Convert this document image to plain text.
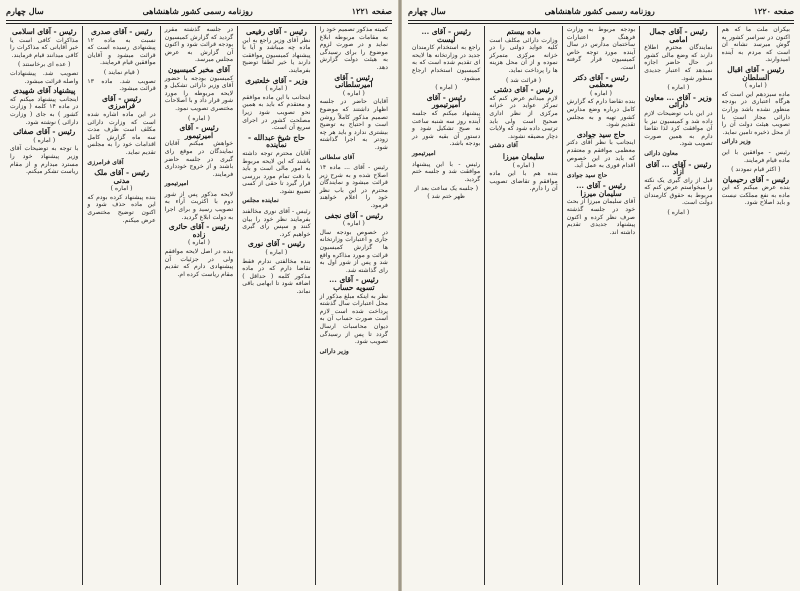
صفحه ۱۲۲۱
روزنامه رسمی کشور شاهنشاهی
سال چهارم
کمیته مذکور تصمیم خود را به مقامات مربوطه ابلاغ نماید و در صورت لزوم موضوع را برای رسیدگی به هیئت دولت گزارش دهد.
رئیس - آقای امیرسلطانی
( اماره )
آقایان حاضر در جلسه اظهار داشتند که موضوع تصمیم مذکور کاملاً روشن است و احتیاج به توضیح بیشتری ندارد و باید هر چه زودتر به اجرا گذاشته شود.
آقای سلطانی
رئیس - آقای ... ماده ۱۴ اصلاح شده و به شرح زیر قرائت میشود و نمایندگان محترم در این باب نظر خود را اعلام خواهند فرمود.
رئیس - آقای نجفی
( اماره )
در خصوص بودجه سال جاری و اعتبارات وزارتخانه ها گزارش کمیسیون قرائت و مورد مذاکره واقع شد و پس از شور اول به رای گذاشته شد.
رئیس - آقای ... تسویه حساب
نظر به اینکه مبلغ مذکور از محل اعتبارات سال گذشته پرداخت شده است لازم است صورت حساب آن به دیوان محاسبات ارسال گردد تا پس از رسیدگی تصویب شود.
وزیر دارائی
رئیس - آقای رفیعی
نظر آقای وزیر راجع به این ماده چه میباشد و آیا با پیشنهاد کمیسیون موافقت دارند یا خیر لطفاً توضیح بفرمایند.
وزیر - آقای خلعتبری
( اماره )
اینجانب با این ماده موافقم و معتقدم که باید به همین نحو تصویب شود زیرا مصلحت کشور در اجرای سریع آن است.
حاج شیخ عبدالله - نماینده
آقایان محترم توجه داشته باشند که این لایحه مربوط به امور مالی است و باید با دقت تمام مورد بررسی قرار گیرد تا حقی از کسی تضییع نشود.
نماینده مجلس
رئیس - آقای نوری مخالفند بفرمایند نظر خود را بیان کنند و سپس رای گیری خواهیم کرد.
رئیس - آقای نوری
( اماره )
بنده مخالفتی ندارم فقط تقاضا دارم که در ماده مذکور کلمه ( حداقل ) اضافه شود تا ابهامی باقی نماند.
در جلسه گذشته مقرر گردید که گزارش کمیسیون بودجه قرائت شود و اکنون آن گزارش به عرض مجلس میرسد.
آقای مخبر کمیسیون
کمیسیون بودجه با حضور آقای وزیر دارائی تشکیل و لایحه مربوطه را مورد شور قرار داد و با اصلاحات مختصری تصویب نمود.
( اماره )
رئیس - آقای امیرتیمور
خواهش میکنم آقایان نمایندگان در موقع رای گیری در جلسه حاضر باشند و از خروج خودداری فرمایند.
امیرتیمور
لایحه مذکور پس از شور دوم با اکثریت آراء به تصویب رسید و برای اجرا به دولت ابلاغ گردید.
رئیس - آقای حائری زاده
( اماره )
بنده در اصل لایحه موافقم ولی در جزئیات آن پیشنهادی دارم که تقدیم مقام ریاست کرده ام.
رئیس - آقای صدری
نسبت به ماده ۱۲ پیشنهادی رسیده است که قرائت میشود و آقایان موافقین قیام فرمایند.
( قیام نمایند )
تصویب شد. ماده ۱۳ قرائت میشود.
رئیس - آقای فرامرزی
در این ماده اشاره شده است که وزارت دارائی مکلف است ظرف مدت سه ماه گزارش کامل اقدامات خود را به مجلس تقدیم نماید.
آقای فرامرزی
رئیس - آقای ملک مدنی
( اماره )
بنده پیشنهاد کرده بودم که این ماده حذف شود و اکنون توضیح مختصری عرض میکنم.
رئیس - آقای اسلامی
مذاکرات کافی است یا خیر آقایانی که مذاکرات را کافی میدانند قیام فرمایند.
( عده ای برخاستند )
تصویب شد. پیشنهادات واصله قرائت میشود.
پیشنهاد آقای شهیدی
اینجانب پیشنهاد میکنم که در ماده ۱۴ کلمه ( وزارت کشور ) به جای ( وزارت دارائی ) نوشته شود.
رئیس - آقای صفائی
( اماره )
با توجه به توضیحات آقای وزیر پیشنهاد خود را مسترد میدارم و از مقام ریاست تشکر میکنم.
صفحه ۱۲۲۰
روزنامه رسمی کشور شاهنشاهی
سال چهارم
بیکران ملت ما که هم اکنون در سراسر کشور به گوش میرسد نشانه آن است که مردم به آینده امیدوارند.
رئیس - آقای اقبال السلطان
( اماره )
ماده سیزدهم این است که هرگاه اعتباری در بودجه منظور نشده باشد وزارت دارائی مجاز است با تصویب هیئت دولت آن را از محل ذخیره تامین نماید.
وزیر دارائی
رئیس - موافقین با این ماده قیام فرمایند.
( اکثر قیام نمودند )
رئیس - آقای رحیمیان
بنده عرض میکنم که این ماده به نفع مملکت نیست و باید اصلاح شود.
رئیس - آقای جمال امامی
نمایندگان محترم اطلاع دارند که وضع مالی کشور در حال حاضر اجازه نمیدهد که اعتبار جدیدی منظور شود.
( اماره )
وزیر - آقای ... معاون دارائی
در این باب توضیحات لازم داده شد و کمیسیون نیز با آن موافقت کرد لذا تقاضا دارم به همین صورت تصویب شود.
معاون دارائی
رئیس - آقای ... آقای آزاد
قبل از رای گیری یک نکته را میخواستم عرض کنم که مربوط به حقوق کارمندان دولت است.
( اماره )
بودجه مربوط به وزارت فرهنگ و اعتبارات ساختمان مدارس در سال آینده مورد توجه خاص کمیسیون قرار گرفته است.
رئیس - آقای دکتر معظمی
( اماره )
بنده تقاضا دارم که گزارش کامل درباره وضع مدارس کشور تهیه و به مجلس تقدیم شود.
حاج سید جوادی
اینجانب با نظر آقای دکتر معظمی موافقم و معتقدم که باید در این خصوص اقدام فوری به عمل آید.
حاج سید جوادی
رئیس - آقای ... سلیمان میرزا
آقای سلیمان میرزا از بحث خود در جلسه گذشته صرف نظر کرده و اکنون پیشنهاد جدیدی تقدیم داشته اند.
ماده بیستم
وزارت دارائی مکلف است کلیه عواید دولتی را در خزانه مرکزی متمرکز نموده و از آن محل هزینه ها را پرداخت نماید.
( قرائت شد )
رئیس - آقای دشتی
لازم میدانم عرض کنم که تمرکز عواید در خزانه مرکزی از نظر اداری صحیح است ولی باید ترتیبی داده شود که ولایات دچار مضیقه نشوند.
آقای دشتی
سلیمان میرزا
( اماره )
بنده هم با این ماده موافقم و تقاضای تصویب آن را دارم.
رئیس - آقای ... لیست
راجع به استخدام کارمندان جدید در وزارتخانه ها لایحه ای تقدیم شده است که به کمیسیون استخدام ارجاع میشود.
( اماره )
رئیس - آقای امیرتیمور
پیشنهاد میکنم که جلسه آینده روز سه شنبه ساعت نه صبح تشکیل شود و دستور آن بقیه شور در بودجه باشد.
امیرتیمور
رئیس - با این پیشنهاد موافقت شد و جلسه ختم گردید.
( جلسه یک ساعت بعد از ظهر ختم شد )
